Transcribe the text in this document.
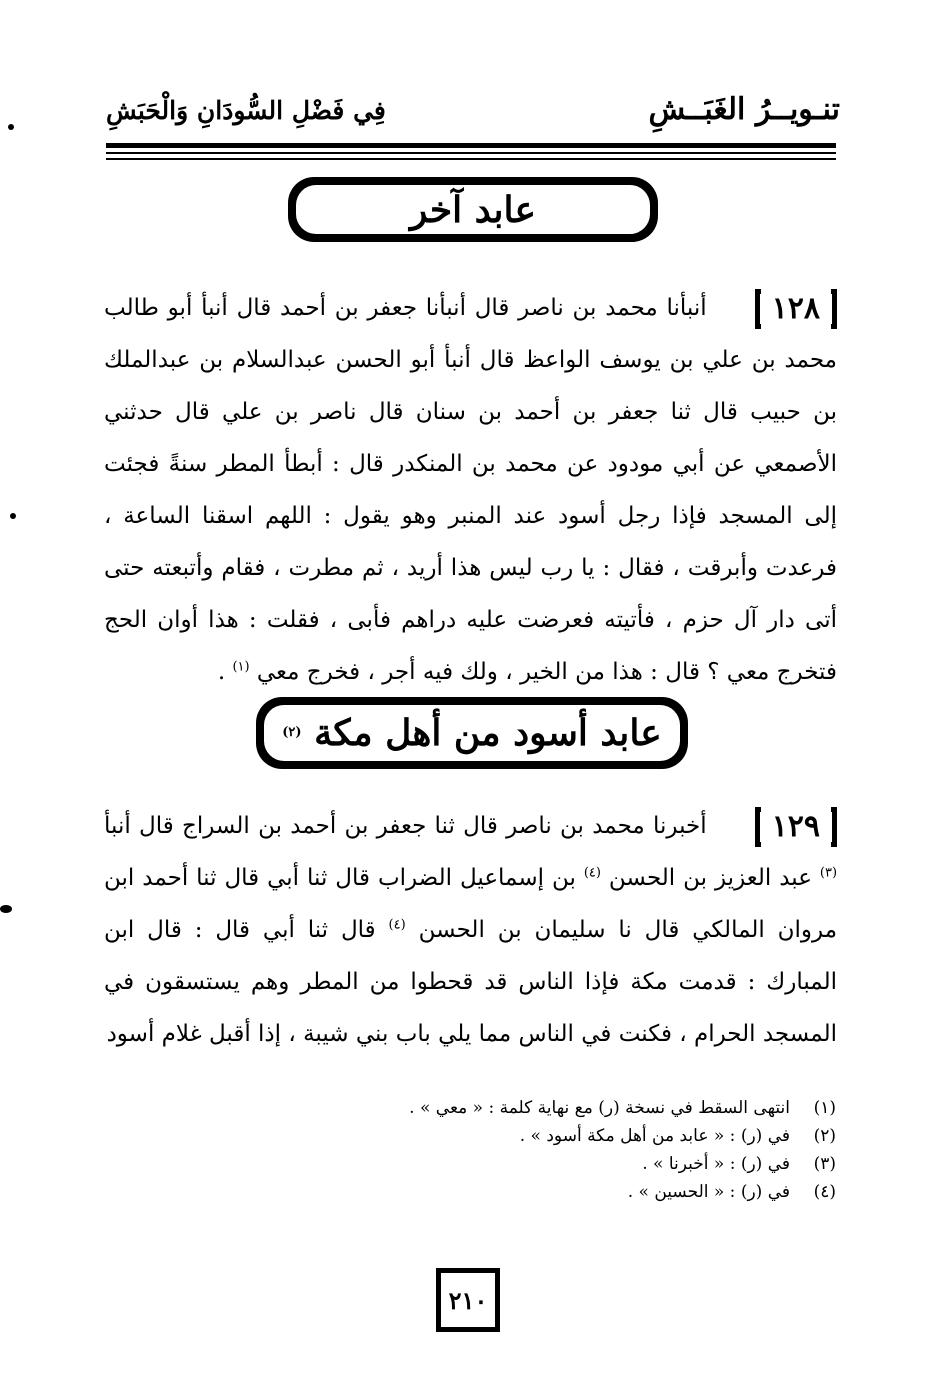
تنـويــرُ الغَبَــشِ
فِي فَضْلِ السُّودَانِ وَالْحَبَشِ
عابد آخر
١٢٨أنبأنا محمد بن ناصر قال أنبأنا جعفر بن أحمد قال أنبأ أبو طالب محمد بن علي بن يوسف الواعظ قال أنبأ أبو الحسن عبدالسلام بن عبدالملك بن حبيب قال ثنا جعفر بن أحمد بن سنان قال ناصر بن علي قال حدثني الأصمعي عن أبي مودود عن محمد بن المنكدر قال : أبطأ المطر سنةً فجئت إلى المسجد فإذا رجل أسود عند المنبر وهو يقول : اللهم اسقنا الساعة ، فرعدت وأبرقت ، فقال : يا رب ليس هذا أريد ، ثم مطرت ، فقام وأتبعته حتى أتى دار آل حزم ، فأتيته فعرضت عليه دراهم فأبى ، فقلت : هذا أوان الحج فتخرج معي ؟ قال : هذا من الخير ، ولك فيه أجر ، فخرج معي $^{(١)}$ .
عابد أسود من أهل مكة

(٢)
١٢٩أخبرنا محمد بن ناصر قال ثنا جعفر بن أحمد بن السراج قال أنبأ $^{(٣)}$ عبد العزيز بن الحسن $^{(٤)}$ بن إسماعيل الضراب قال ثنا أبي قال ثنا أحمد ابن مروان المالكي قال نا سليمان بن الحسن $^{(٤)}$ قال ثنا أبي قال : قال ابن المبارك : قدمت مكة فإذا الناس قد قحطوا من المطر وهم يستسقون في المسجد الحرام ، فكنت في الناس مما يلي باب بني شيبة ، إذا أقبل غلام أسود
(١)
انتهى السقط في نسخة (ر) مع نهاية كلمة : « معي » .
(٢)
في (ر) : « عابد من أهل مكة أسود » .
(٣)
في (ر) : « أخبرنا » .
(٤)
في (ر) : « الحسين » .
٢١٠
